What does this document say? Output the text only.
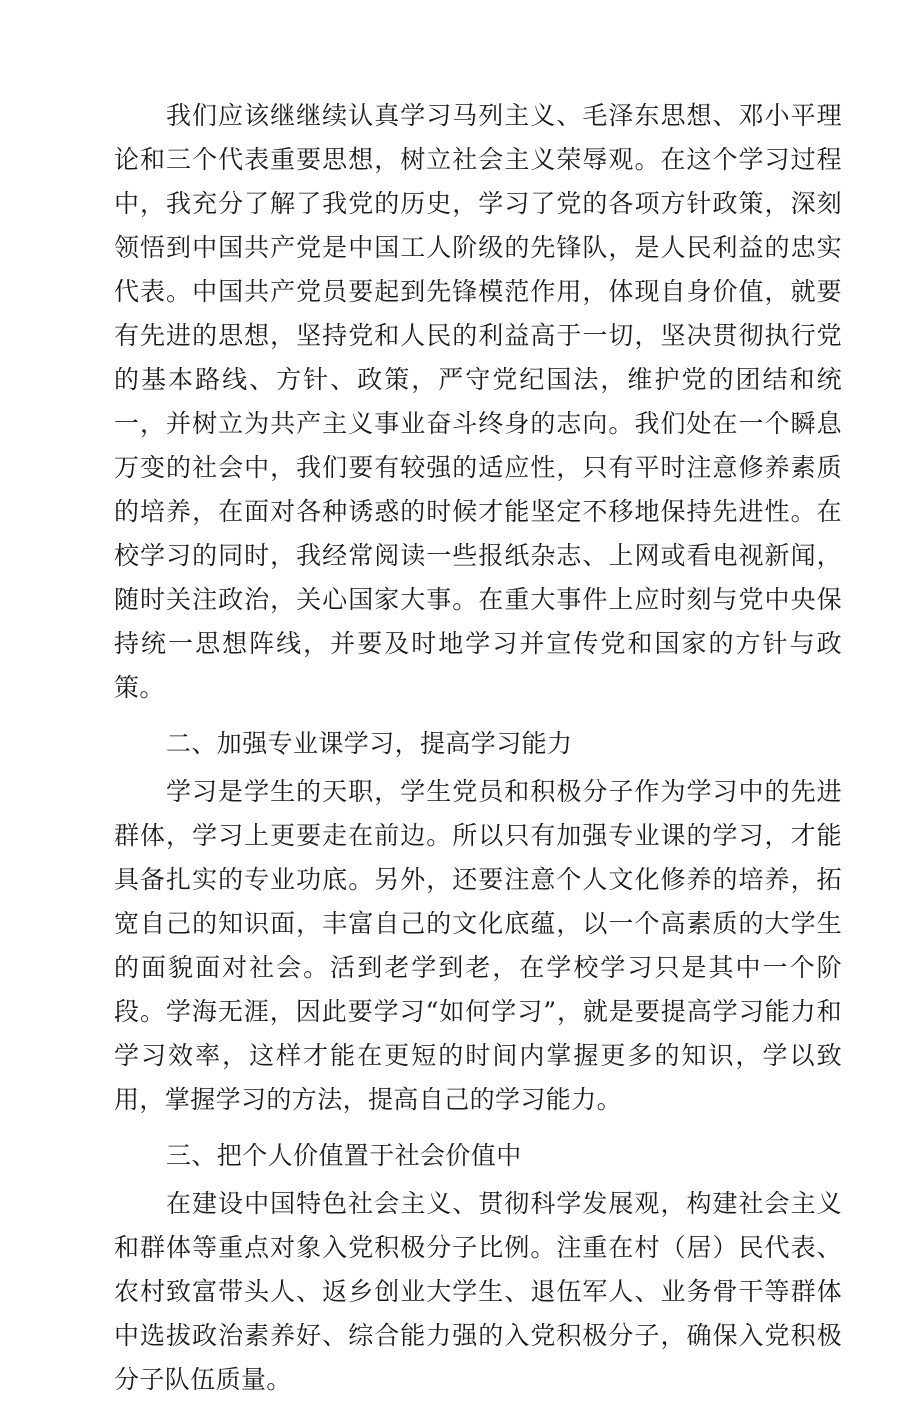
我们应该继继续认真学习马列主义、毛泽东思想、邓小平理论和三个代表重要思想，树立社会主义荣辱观。在这个学习过程中，我充分了解了我党的历史，学习了党的各项方针政策，深刻领悟到中国共产党是中国工人阶级的先锋队，是人民利益的忠实代表。中国共产党员要起到先锋模范作用，体现自身价值，就要有先进的思想，坚持党和人民的利益高于一切，坚决贯彻执行党的基本路线、方针、政策，严守党纪国法，维护党的团结和统一，并树立为共产主义事业奋斗终身的志向。我们处在一个瞬息万变的社会中，我们要有较强的适应性，只有平时注意修养素质的培养，在面对各种诱惑的时候才能坚定不移地保持先进性。在校学习的同时，我经常阅读一些报纸杂志、上网或看电视新闻，随时关注政治，关心国家大事。在重大事件上应时刻与党中央保持统一思想阵线，并要及时地学习并宣传党和国家的方针与政策。

二、加强专业课学习，提高学习能力

学习是学生的天职，学生党员和积极分子作为学习中的先进群体，学习上更要走在前边。所以只有加强专业课的学习，才能具备扎实的专业功底。另外，还要注意个人文化修养的培养，拓宽自己的知识面，丰富自己的文化底蕴，以一个高素质的大学生的面貌面对社会。活到老学到老，在学校学习只是其中一个阶段。学海无涯，因此要学习“如何学习”，就是要提高学习能力和学习效率，这样才能在更短的时间内掌握更多的知识，学以致用，掌握学习的方法，提高自己的学习能力。

三、把个人价值置于社会价值中

在建设中国特色社会主义、贯彻科学发展观，构建社会主义和群体等重点对象入党积极分子比例。注重在村（居）民代表、农村致富带头人、返乡创业大学生、退伍军人、业务骨干等群体中选拔政治素养好、综合能力强的入党积极分子，确保入党积极分子队伍质量。
